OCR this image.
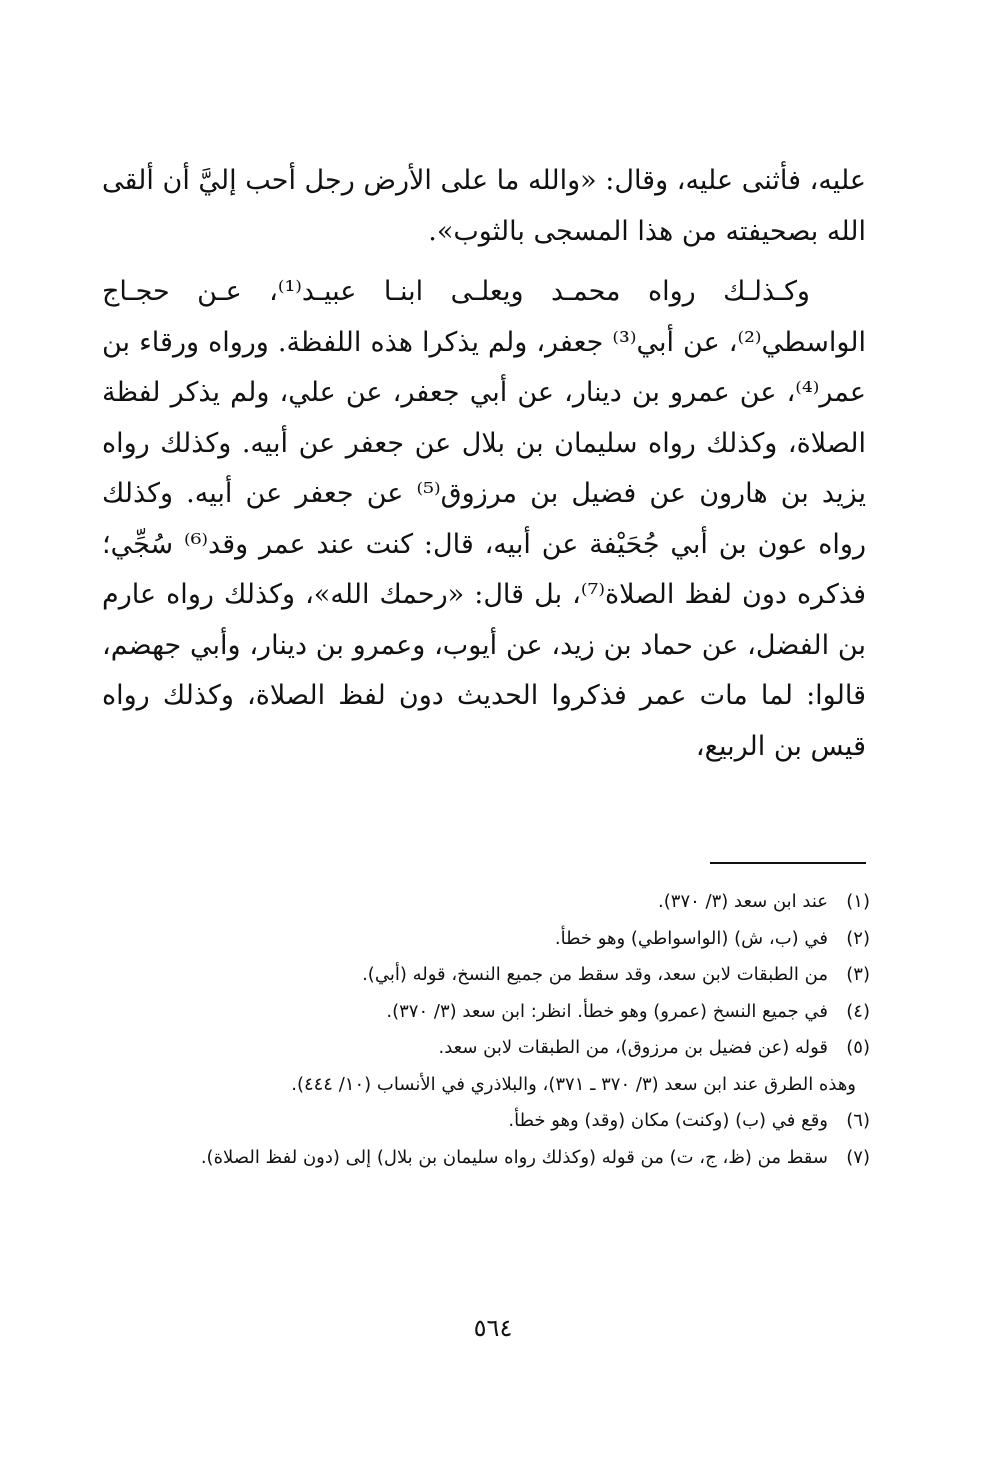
عليه، فأثنى عليه، وقال: «والله ما على الأرض رجل أحب إليَّ أن ألقى الله بصحيفته من هذا المسجى بالثوب».

وكـذلـك رواه محمـد ويعلـى ابنـا عبيـد⁽¹⁾، عـن حجـاج الواسطي⁽²⁾، عن أبي⁽³⁾ جعفر، ولم يذكرا هذه اللفظة. ورواه ورقاء بن عمر⁽⁴⁾، عن عمرو بن دينار، عن أبي جعفر، عن علي، ولم يذكر لفظة الصلاة، وكذلك رواه سليمان بن بلال عن جعفر عن أبيه. وكذلك رواه يزيد بن هارون عن فضيل بن مرزوق⁽⁵⁾ عن جعفر عن أبيه. وكذلك رواه عون بن أبي جُحَيْفة عن أبيه، قال: كنت عند عمر وقد⁽⁶⁾ سُجِّي؛ فذكره دون لفظ الصلاة⁽⁷⁾، بل قال: «رحمك الله»، وكذلك رواه عارم بن الفضل، عن حماد بن زيد، عن أيوب، وعمرو بن دينار، وأبي جهضم، قالوا: لما مات عمر فذكروا الحديث دون لفظ الصلاة، وكذلك رواه قيس بن الربيع،

(١)
عند ابن سعد (٣/ ٣٧٠).
(٢)
في (ب، ش) (الواسواطي) وهو خطأ.
(٣)
من الطبقات لابن سعد، وقد سقط من جميع النسخ، قوله (أبي).
(٤)
في جميع النسخ (عمرو) وهو خطأ. انظر: ابن سعد (٣/ ٣٧٠).
(٥)
قوله (عن فضيل بن مرزوق)، من الطبقات لابن سعد.
وهذه الطرق عند ابن سعد (٣/ ٣٧٠ ـ ٣٧١)، والبلاذري في الأنساب (١٠/ ٤٤٤).
(٦)
وقع في (ب) (وكنت) مكان (وقد) وهو خطأ.
(٧)
سقط من (ظ، ج، ت) من قوله (وكذلك رواه سليمان بن بلال) إلى (دون لفظ الصلاة).
٥٦٤
